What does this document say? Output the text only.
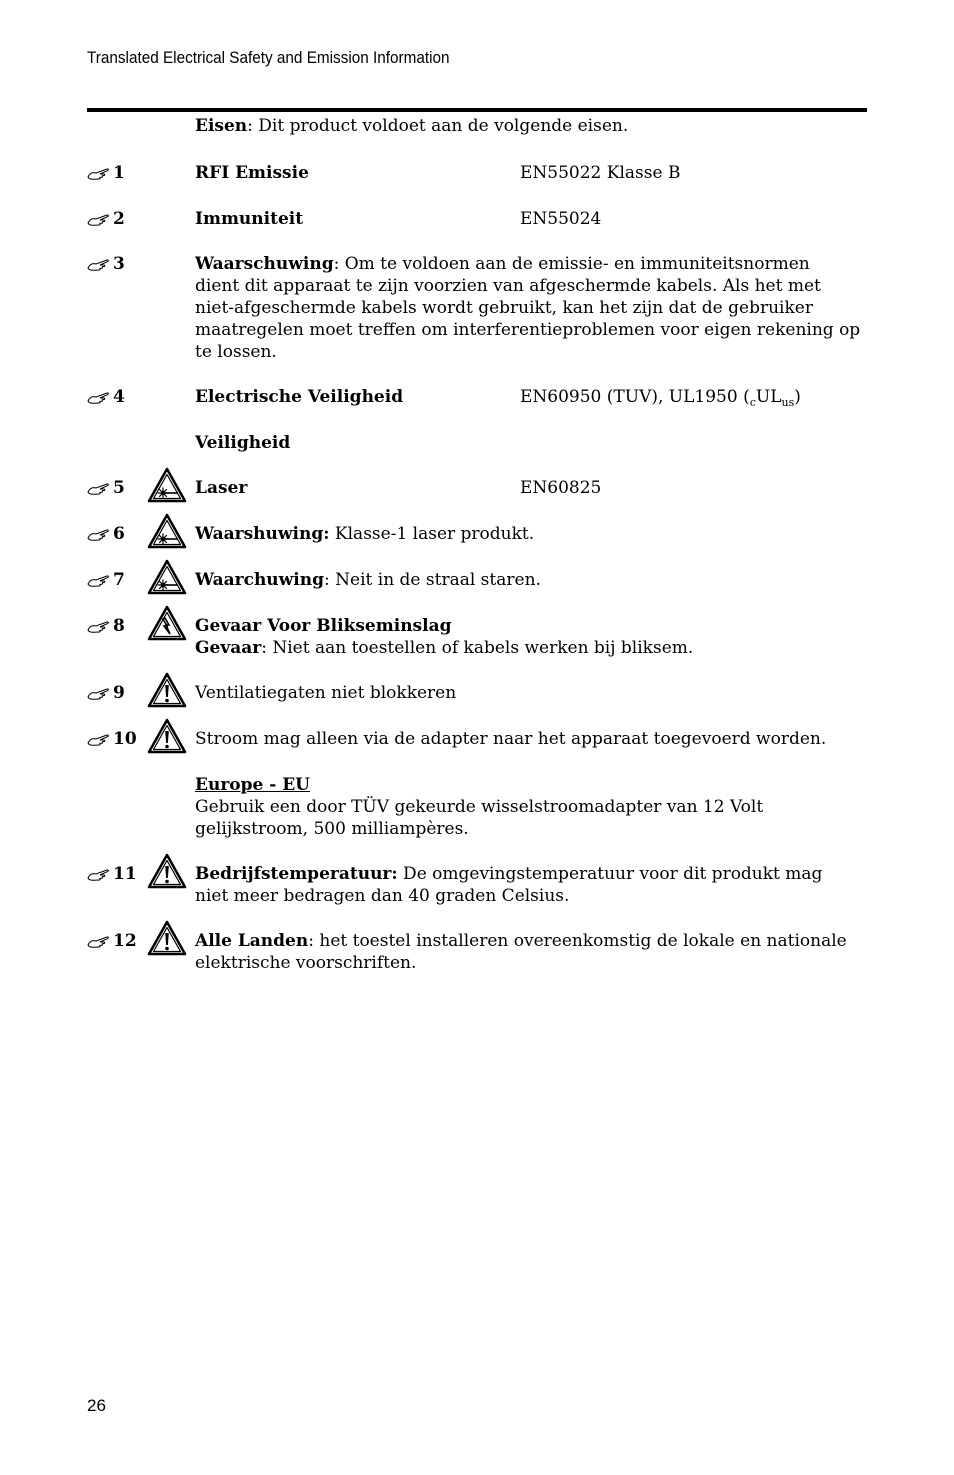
Translated Electrical Safety and Emission Information
Eisen: Dit product voldoet aan de volgende eisen.
1	RFI Emissie	EN55022 Klasse B
2	Immuniteit	EN55024
3	Waarschuwing: Om te voldoen aan de emissie- en immuniteitsnormen
dient dit apparaat te zijn voorzien van afgeschermde kabels. Als het met
niet-afgeschermde kabels wordt gebruikt, kan het zijn dat de gebruiker
maatregelen moet treffen om interferentieproblemen voor eigen rekening op
te lossen.
4	Electrische Veiligheid	EN60950 (TUV), UL1950 $(_cUL_{us})$
Veiligheid
5	Laser	EN60825
6	Waarshuwing: Klasse-1 laser produkt.
7	Waarchuwing: Neit in de straal staren.
8	Gevaar Voor Blikseminslag
Gevaar: Niet aan toestellen of kabels werken bij bliksem.
9	Ventilatiegaten niet blokkeren
10	Stroom mag alleen via de adapter naar het apparaat toegevoerd worden.
Europe - EU
Gebruik een door TÜV gekeurde wisselstroomadapter van 12 Volt
gelijkstroom, 500 milliampères.
11	Bedrijfstemperatuur: De omgevingstemperatuur voor dit produkt mag
niet meer bedragen dan 40 graden Celsius.
12	Alle Landen: het toestel installeren overeenkomstig de lokale en nationale
elektrische voorschriften.
26
